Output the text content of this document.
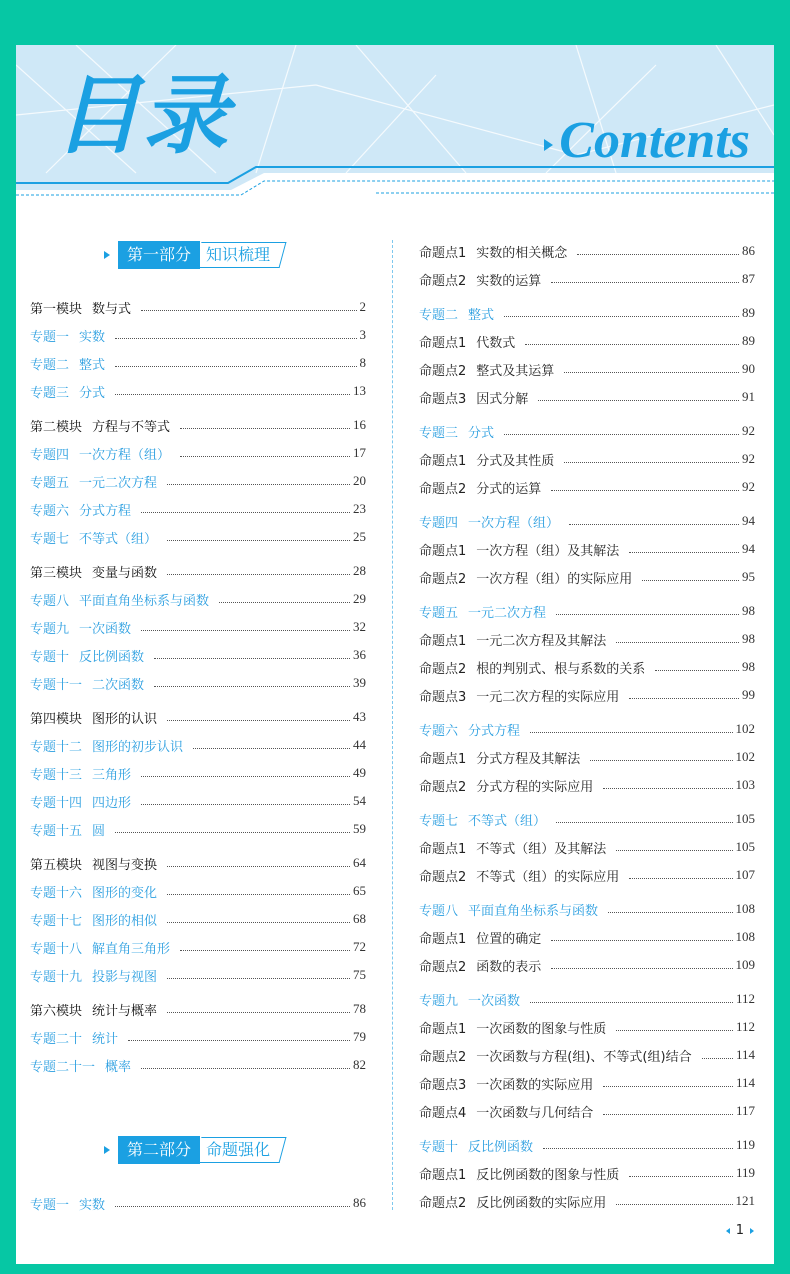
目录	Contents
第一部分 知识梳理
第二部分 命题强化
第一模块 数与式	2
专题一 实数	3
专题二 整式	8
专题三 分式	13
第二模块 方程与不等式	16
专题四 一次方程（组）	17
专题五 一元二次方程	20
专题六 分式方程	23
专题七 不等式（组）	25
第三模块 变量与函数	28
专题八 平面直角坐标系与函数	29
专题九 一次函数	32
专题十 反比例函数	36
专题十一 二次函数	39
第四模块 图形的认识	43
专题十二 图形的初步认识	44
专题十三 三角形	49
专题十四 四边形	54
专题十五 圆	59
第五模块 视图与变换	64
专题十六 图形的变化	65
专题十七 图形的相似	68
专题十八 解直角三角形	72
专题十九 投影与视图	75
第六模块 统计与概率	78
专题二十 统计	79
专题二十一 概率	82
专题一 实数	86
命题点1 实数的相关概念	86
命题点2 实数的运算	87
专题二 整式	89
命题点1 代数式	89
命题点2 整式及其运算	90
命题点3 因式分解	91
专题三 分式	92
命题点1 分式及其性质	92
命题点2 分式的运算	92
专题四 一次方程（组）	94
命题点1 一次方程（组）及其解法	94
命题点2 一次方程（组）的实际应用	95
专题五 一元二次方程	98
命题点1 一元二次方程及其解法	98
命题点2 根的判别式、根与系数的关系	98
命题点3 一元二次方程的实际应用	99
专题六 分式方程	102
命题点1 分式方程及其解法	102
命题点2 分式方程的实际应用	103
专题七 不等式（组）	105
命题点1 不等式（组）及其解法	105
命题点2 不等式（组）的实际应用	107
专题八 平面直角坐标系与函数	108
命题点1 位置的确定	108
命题点2 函数的表示	109
专题九 一次函数	112
命题点1 一次函数的图象与性质	112
命题点2 一次函数与方程(组)、不等式(组)结合	114
命题点3 一次函数的实际应用	114
命题点4 一次函数与几何结合	117
专题十 反比例函数	119
命题点1 反比例函数的图象与性质	119
命题点2 反比例函数的实际应用	121
1
